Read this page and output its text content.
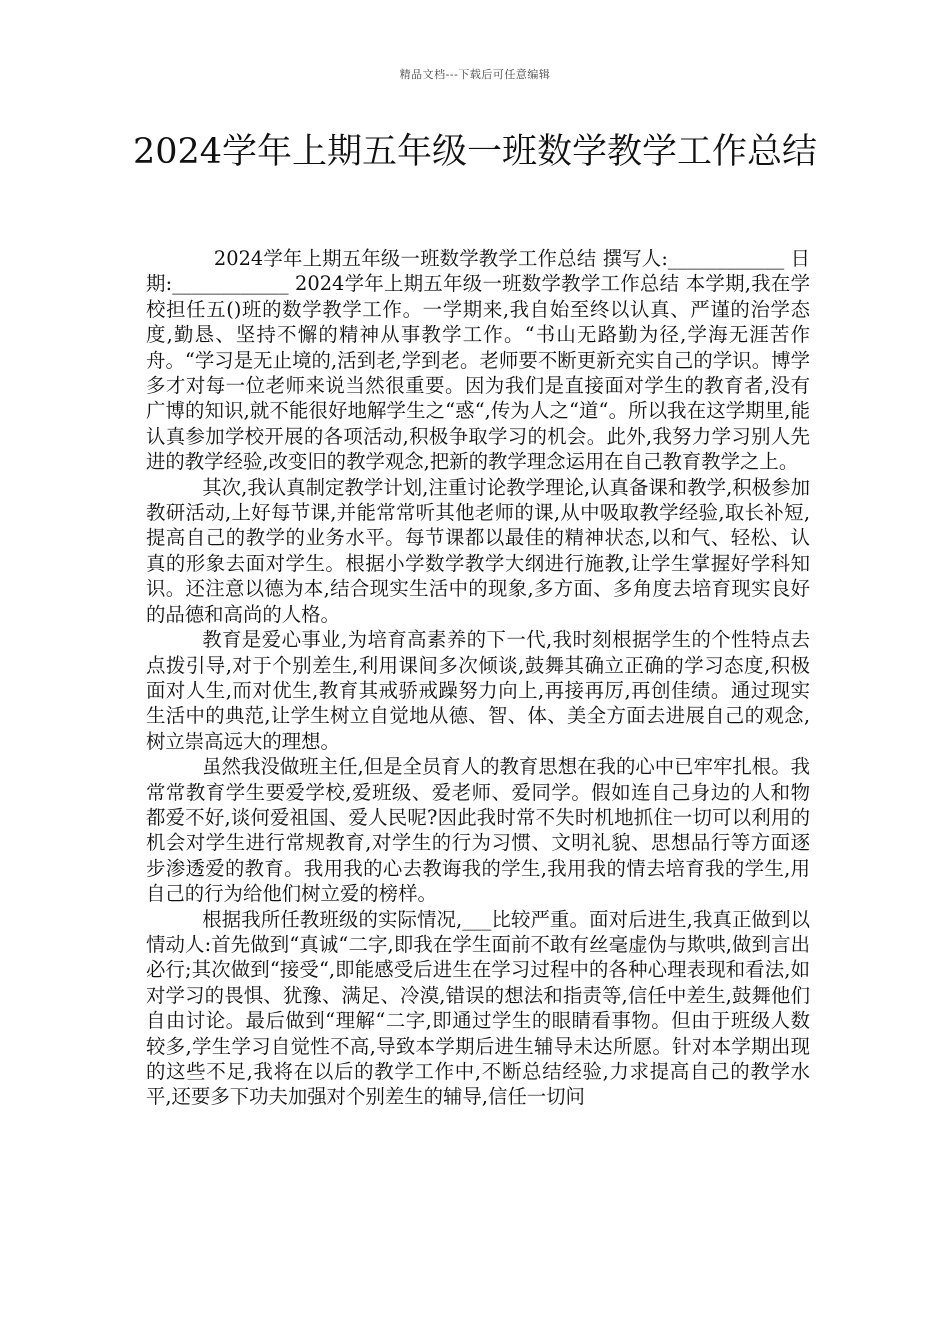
精品文档---下载后可任意编辑
2024学年上期五年级一班数学教学工作总结

2024学年上期五年级一班数学教学工作总结 撰写人:____________ 日 期:____________ 2024学年上期五年级一班数学教学工作总结 本学期,我在学校担任五()班的数学教学工作。一学期来,我自始至终以认真、严谨的治学态度,勤恳、坚持不懈的精神从事教学工作。“书山无路勤为径,学海无涯苦作舟。“学习是无止境的,活到老,学到老。老师要不断更新充实自己的学识。博学多才对每一位老师来说当然很重要。因为我们是直接面对学生的教育者,没有广博的知识,就不能很好地解学生之“惑“,传为人之“道“。所以我在这学期里,能认真参加学校开展的各项活动,积极争取学习的机会。此外,我努力学习别人先进的教学经验,改变旧的教学观念,把新的教学理念运用在自己教育教学之上。

其次,我认真制定教学计划,注重讨论教学理论,认真备课和教学,积极参加教研活动,上好每节课,并能常常听其他老师的课,从中吸取教学经验,取长补短,提高自己的教学的业务水平。每节课都以最佳的精神状态,以和气、轻松、认真的形象去面对学生。根据小学数学教学大纲进行施教,让学生掌握好学科知识。还注意以德为本,结合现实生活中的现象,多方面、多角度去培育现实良好的品德和高尚的人格。

教育是爱心事业,为培育高素养的下一代,我时刻根据学生的个性特点去点拨引导,对于个别差生,利用课间多次倾谈,鼓舞其确立正确的学习态度,积极面对人生,而对优生,教育其戒骄戒躁努力向上,再接再厉,再创佳绩。通过现实生活中的典范,让学生树立自觉地从德、智、体、美全方面去进展自己的观念,树立崇高远大的理想。

虽然我没做班主任,但是全员育人的教育思想在我的心中已牢牢扎根。我常常教育学生要爱学校,爱班级、爱老师、爱同学。假如连自己身边的人和物都爱不好,谈何爱祖国、爱人民呢?因此我时常不失时机地抓住一切可以利用的机会对学生进行常规教育,对学生的行为习惯、文明礼貌、思想品行等方面逐步渗透爱的教育。我用我的心去教诲我的学生,我用我的情去培育我的学生,用自己的行为给他们树立爱的榜样。

根据我所任教班级的实际情况,___比较严重。面对后进生,我真正做到以情动人:首先做到“真诚“二字,即我在学生面前不敢有丝毫虚伪与欺哄,做到言出必行;其次做到“接受“,即能感受后进生在学习过程中的各种心理表现和看法,如对学习的畏惧、犹豫、满足、冷漠,错误的想法和指责等,信任中差生,鼓舞他们自由讨论。最后做到“理解“二字,即通过学生的眼睛看事物。但由于班级人数较多,学生学习自觉性不高,导致本学期后进生辅导未达所愿。针对本学期出现的这些不足,我将在以后的教学工作中,不断总结经验,力求提高自己的教学水平,还要多下功夫加强对个别差生的辅导,信任一切问
